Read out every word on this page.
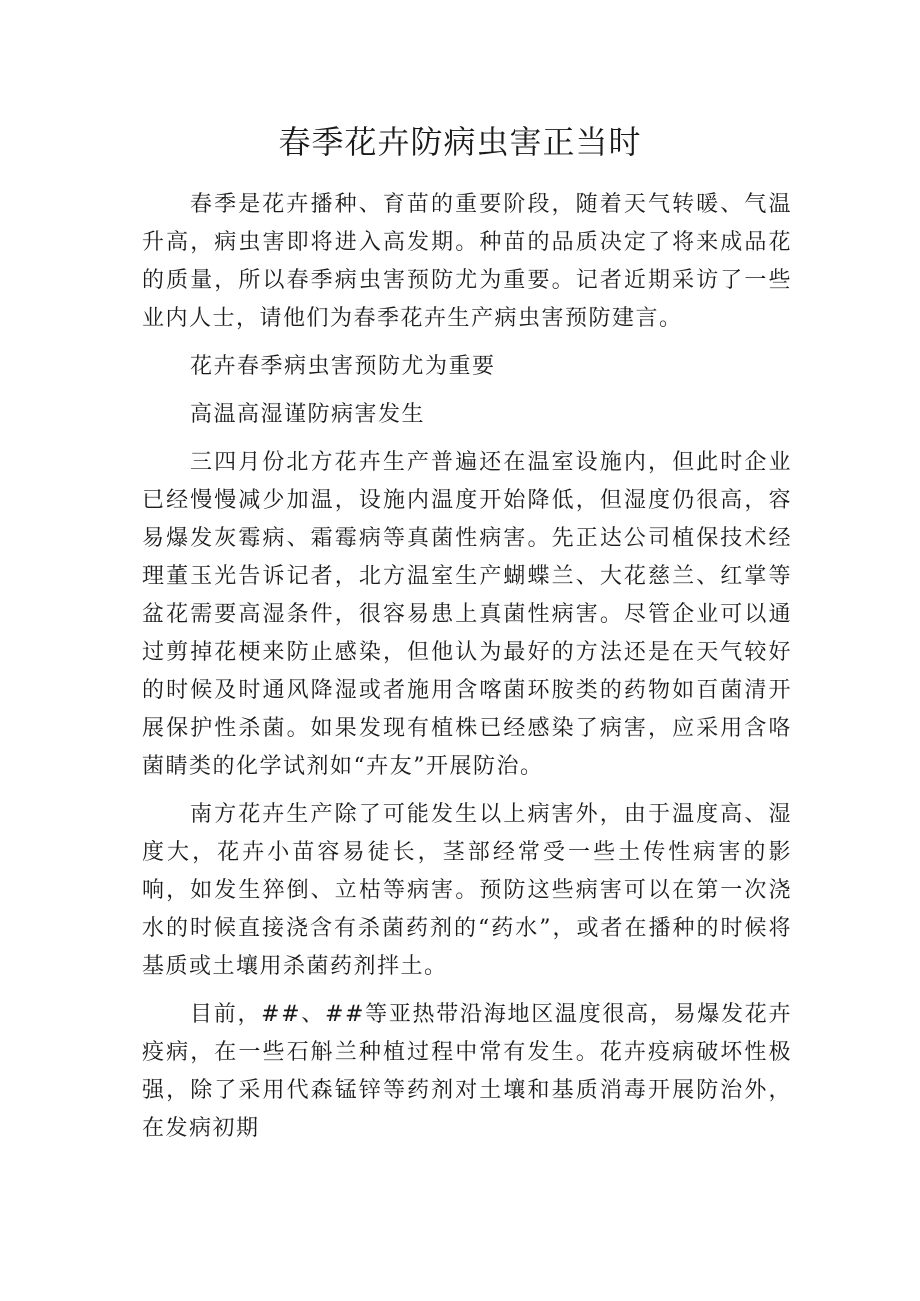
春季花卉防病虫害正当时

春季是花卉播种、育苗的重要阶段，随着天气转暖、气温升高，病虫害即将进入高发期。种苗的品质决定了将来成品花的质量，所以春季病虫害预防尤为重要。记者近期采访了一些业内人士，请他们为春季花卉生产病虫害预防建言。

花卉春季病虫害预防尤为重要

高温高湿谨防病害发生

三四月份北方花卉生产普遍还在温室设施内，但此时企业已经慢慢减少加温，设施内温度开始降低，但湿度仍很高，容易爆发灰霉病、霜霉病等真菌性病害。先正达公司植保技术经理董玉光告诉记者，北方温室生产蝴蝶兰、大花慈兰、红掌等盆花需要高湿条件，很容易患上真菌性病害。尽管企业可以通过剪掉花梗来防止感染，但他认为最好的方法还是在天气较好的时候及时通风降湿或者施用含喀菌环胺类的药物如百菌清开展保护性杀菌。如果发现有植株已经感染了病害，应采用含咯菌睛类的化学试剂如“卉友”开展防治。

南方花卉生产除了可能发生以上病害外，由于温度高、湿度大，花卉小苗容易徒长，茎部经常受一些土传性病害的影响，如发生猝倒、立枯等病害。预防这些病害可以在第一次浇水的时候直接浇含有杀菌药剂的“药水”，或者在播种的时候将基质或土壤用杀菌药剂拌土。

目前，##、##等亚热带沿海地区温度很高，易爆发花卉疫病，在一些石斛兰种植过程中常有发生。花卉疫病破坏性极强，除了采用代森锰锌等药剂对土壤和基质消毒开展防治外，在发病初期
